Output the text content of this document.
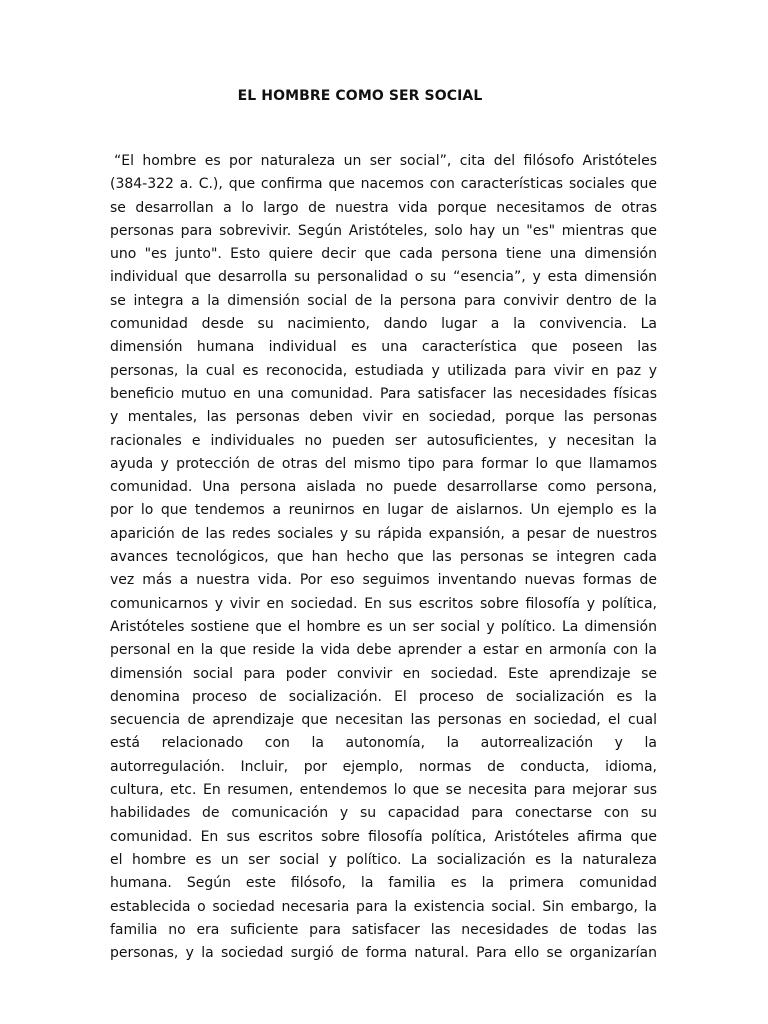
EL HOMBRE COMO SER SOCIAL
“El hombre es por naturaleza un ser social”, cita del filósofo Aristóteles
(384-322 a. C.), que confirma que nacemos con características sociales que
se desarrollan a lo largo de nuestra vida porque necesitamos de otras
personas para sobrevivir. Según Aristóteles, solo hay un "es" mientras que
uno "es junto". Esto quiere decir que cada persona tiene una dimensión
individual que desarrolla su personalidad o su “esencia”, y esta dimensión
se integra a la dimensión social de la persona para convivir dentro de la
comunidad desde su nacimiento, dando lugar a la convivencia. La
dimensión humana individual es una característica que poseen las
personas, la cual es reconocida, estudiada y utilizada para vivir en paz y
beneficio mutuo en una comunidad. Para satisfacer las necesidades físicas
y mentales, las personas deben vivir en sociedad, porque las personas
racionales e individuales no pueden ser autosuficientes, y necesitan la
ayuda y protección de otras del mismo tipo para formar lo que llamamos
comunidad. Una persona aislada no puede desarrollarse como persona,
por lo que tendemos a reunirnos en lugar de aislarnos. Un ejemplo es la
aparición de las redes sociales y su rápida expansión, a pesar de nuestros
avances tecnológicos, que han hecho que las personas se integren cada
vez más a nuestra vida. Por eso seguimos inventando nuevas formas de
comunicarnos y vivir en sociedad. En sus escritos sobre filosofía y política,
Aristóteles sostiene que el hombre es un ser social y político. La dimensión
personal en la que reside la vida debe aprender a estar en armonía con la
dimensión social para poder convivir en sociedad. Este aprendizaje se
denomina proceso de socialización. El proceso de socialización es la
secuencia de aprendizaje que necesitan las personas en sociedad, el cual
está relacionado con la autonomía, la autorrealización y la
autorregulación. Incluir, por ejemplo, normas de conducta, idioma,
cultura, etc. En resumen, entendemos lo que se necesita para mejorar sus
habilidades de comunicación y su capacidad para conectarse con su
comunidad. En sus escritos sobre filosofía política, Aristóteles afirma que
el hombre es un ser social y político. La socialización es la naturaleza
humana. Según este filósofo, la familia es la primera comunidad
establecida o sociedad necesaria para la existencia social. Sin embargo, la
familia no era suficiente para satisfacer las necesidades de todas las
personas, y la sociedad surgió de forma natural. Para ello se organizarían
